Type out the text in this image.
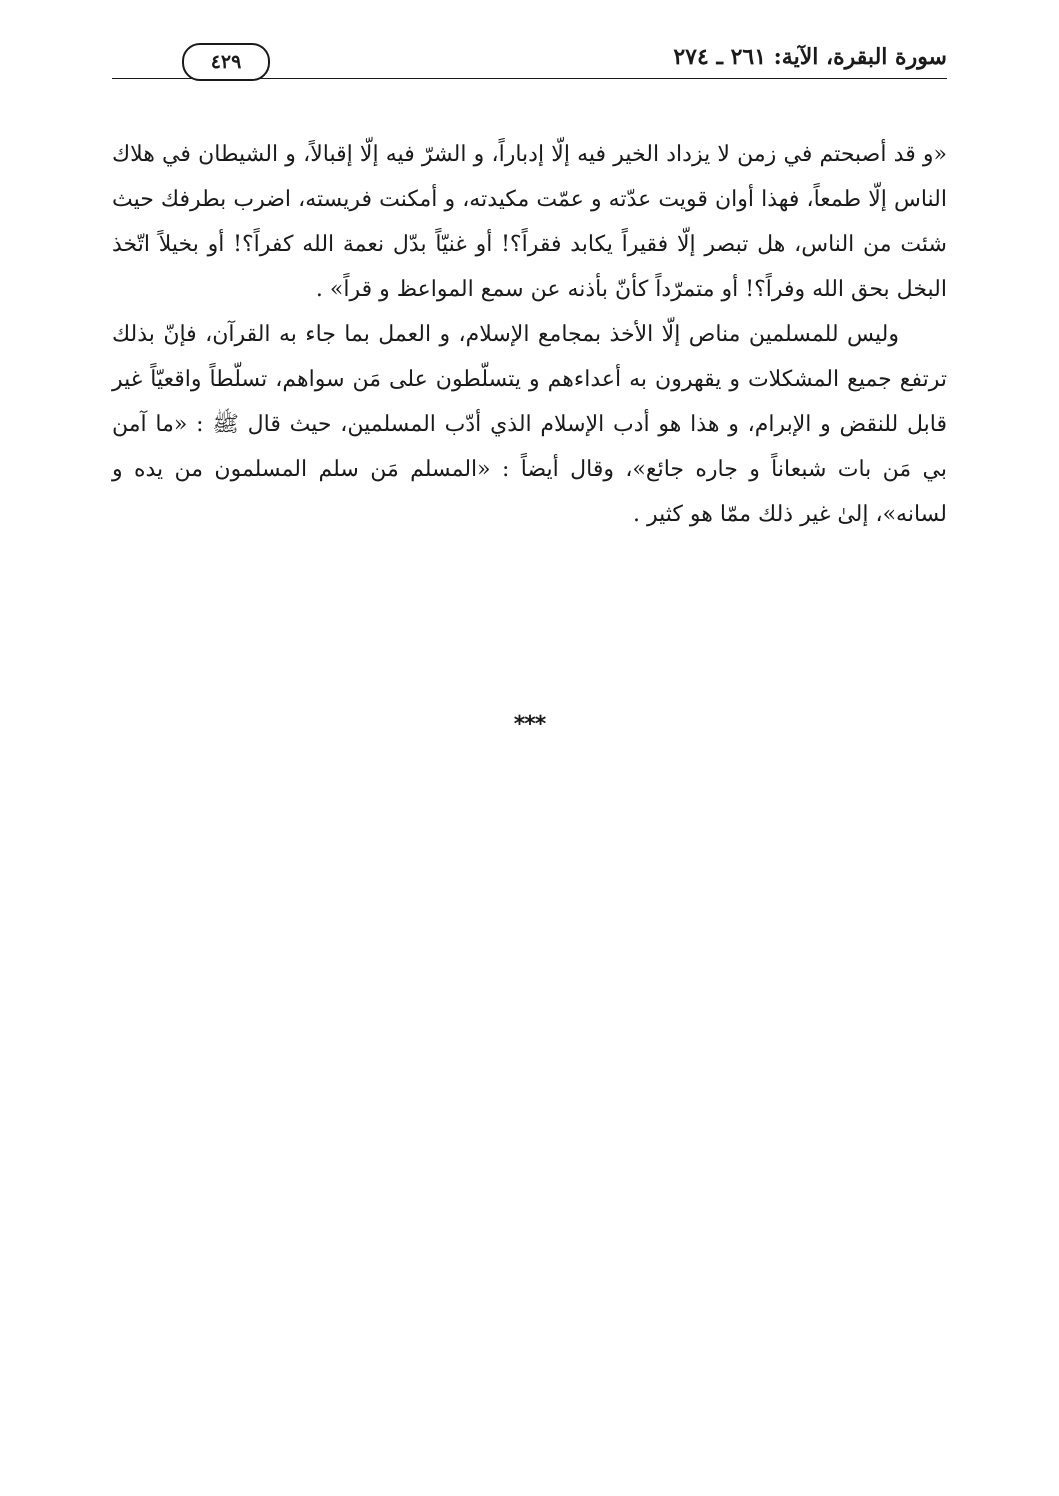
سورة البقرة، الآية: ٢٦١ ـ ٢٧٤
٤٢٩

«و قد أصبحتم في زمن لا يزداد الخير فيه إلّا إدباراً، و الشرّ فيه إلّا إقبالاً، و الشيطان في هلاك الناس إلّا طمعاً، فهذا أوان قويت عدّته و عمّت مكيدته، و أمكنت فريسته، اضرب بطرفك حيث شئت من الناس، هل تبصر إلّا فقيراً يكابد فقراً؟! أو غنيّاً بدّل نعمة الله كفراً؟! أو بخيلاً اتّخذ البخل بحق الله وفراً؟! أو متمرّداً كأنّ بأذنه عن سمع المواعظ و قراً» .

وليس للمسلمين مناص إلّا الأخذ بمجامع الإسلام، و العمل بما جاء به القرآن، فإنّ بذلك ترتفع جميع المشكلات و يقهرون به أعداءهم و يتسلّطون على مَن سواهم، تسلّطاً واقعيّاً غير قابل للنقض و الإبرام، و هذا هو أدب الإسلام الذي أدّب المسلمين، حيث قال ﷺ : «ما آمن بي مَن بات شبعاناً و جاره جائع»، وقال أيضاً : «المسلم مَن سلم المسلمون من يده و لسانه»، إلىٰ غير ذلك ممّا هو كثير .

***
